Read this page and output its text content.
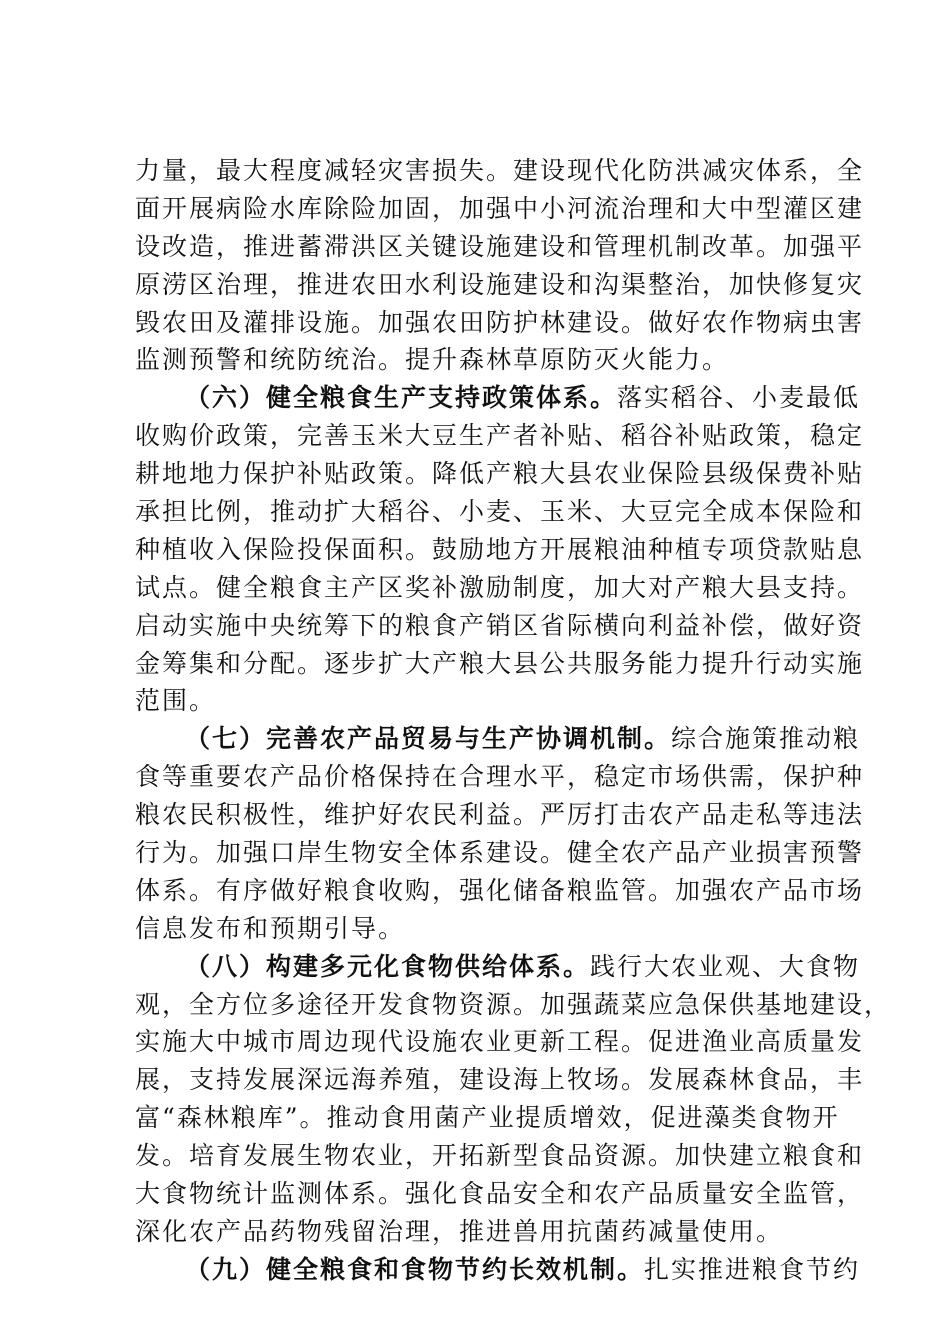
力量，最大程度减轻灾害损失。建设现代化防洪减灾体系，全
面开展病险水库除险加固，加强中小河流治理和大中型灌区建
设改造，推进蓄滞洪区关键设施建设和管理机制改革。加强平
原涝区治理，推进农田水利设施建设和沟渠整治，加快修复灾
毁农田及灌排设施。加强农田防护林建设。做好农作物病虫害
监测预警和统防统治。提升森林草原防灭火能力。
（六）健全粮食生产支持政策体系。落实稻谷、小麦最低
收购价政策，完善玉米大豆生产者补贴、稻谷补贴政策，稳定
耕地地力保护补贴政策。降低产粮大县农业保险县级保费补贴
承担比例，推动扩大稻谷、小麦、玉米、大豆完全成本保险和
种植收入保险投保面积。鼓励地方开展粮油种植专项贷款贴息
试点。健全粮食主产区奖补激励制度，加大对产粮大县支持。
启动实施中央统筹下的粮食产销区省际横向利益补偿，做好资
金筹集和分配。逐步扩大产粮大县公共服务能力提升行动实施
范围。
（七）完善农产品贸易与生产协调机制。综合施策推动粮
食等重要农产品价格保持在合理水平，稳定市场供需，保护种
粮农民积极性，维护好农民利益。严厉打击农产品走私等违法
行为。加强口岸生物安全体系建设。健全农产品产业损害预警
体系。有序做好粮食收购，强化储备粮监管。加强农产品市场
信息发布和预期引导。
（八）构建多元化食物供给体系。践行大农业观、大食物
观，全方位多途径开发食物资源。加强蔬菜应急保供基地建设，
实施大中城市周边现代设施农业更新工程。促进渔业高质量发
展，支持发展深远海养殖，建设海上牧场。发展森林食品，丰
富“森林粮库”。推动食用菌产业提质增效，促进藻类食物开
发。培育发展生物农业，开拓新型食品资源。加快建立粮食和
大食物统计监测体系。强化食品安全和农产品质量安全监管，
深化农产品药物残留治理，推进兽用抗菌药减量使用。
（九）健全粮食和食物节约长效机制。扎实推进粮食节约
